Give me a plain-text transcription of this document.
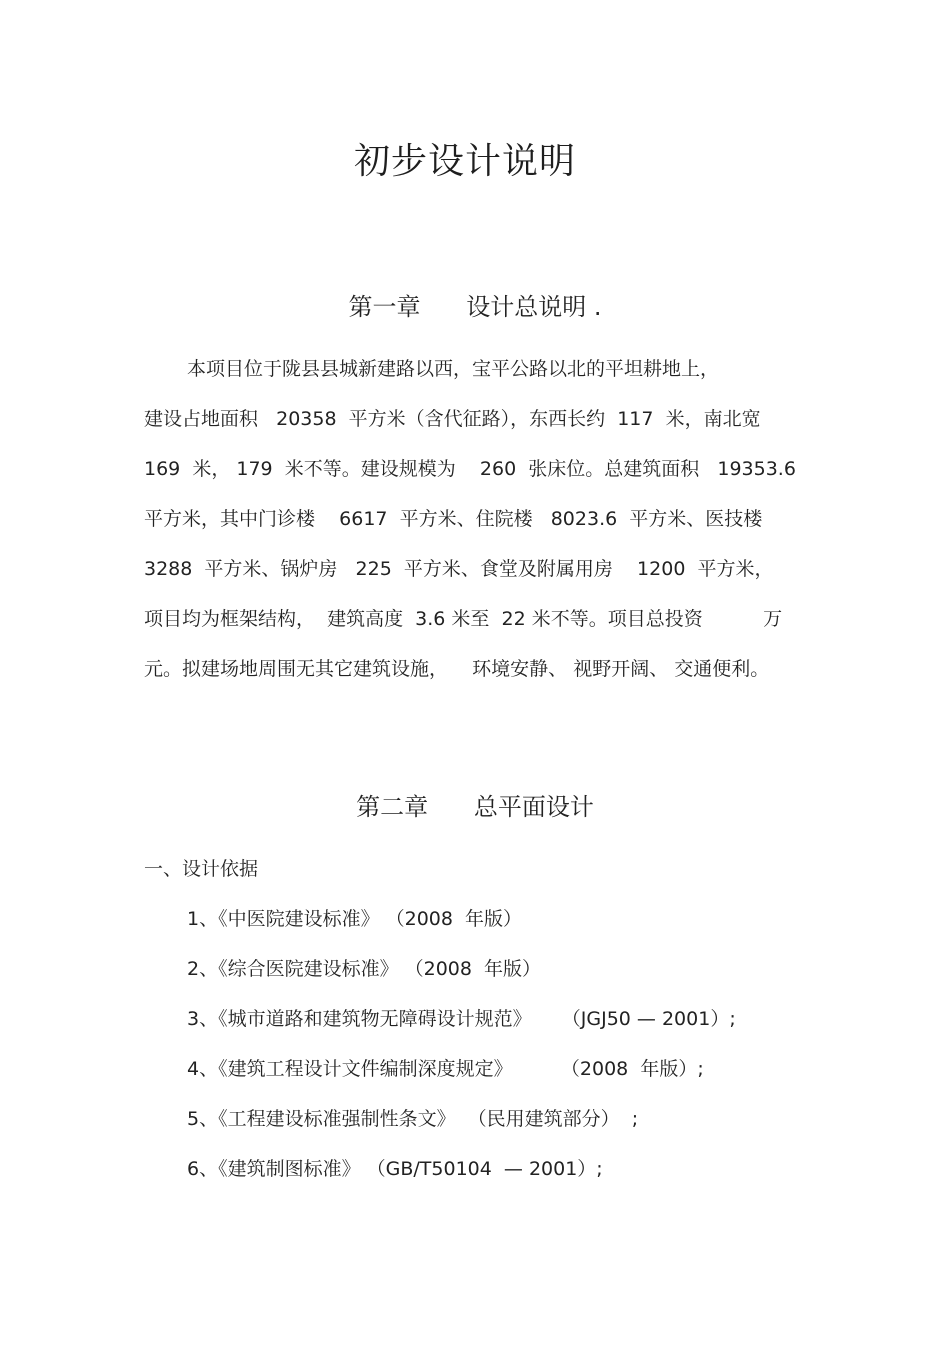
初步设计说明
第一章      设计总说明 .
本项目位于陇县县城新建路以西，宝平公路以北的平坦耕地上，
建设占地面积   20358  平方米（含代征路），东西长约  117  米，南北宽
169  米， 179  米不等。建设规模为    260  张床位。总建筑面积   19353.6
平方米，其中门诊楼    6617  平方米、住院楼   8023.6  平方米、医技楼
3288  平方米、锅炉房   225  平方米、食堂及附属用房    1200  平方米，
项目均为框架结构，  建筑高度  3.6 米至  22 米不等。项目总投资          万
元。拟建场地周围无其它建筑设施，    环境安静、 视野开阔、 交通便利。
第二章      总平面设计
一、设计依据
1、《中医院建设标准》 （2008  年版）
2、《综合医院建设标准》 （2008  年版）
3、《城市道路和建筑物无障碍设计规范》     （JGJ50 — 2001）;
4、《建筑工程设计文件编制深度规定》        （2008  年版）;
5、《工程建设标准强制性条文》  （民用建筑部分）  ;
6、《建筑制图标准》 （GB/T50104  — 2001）;
